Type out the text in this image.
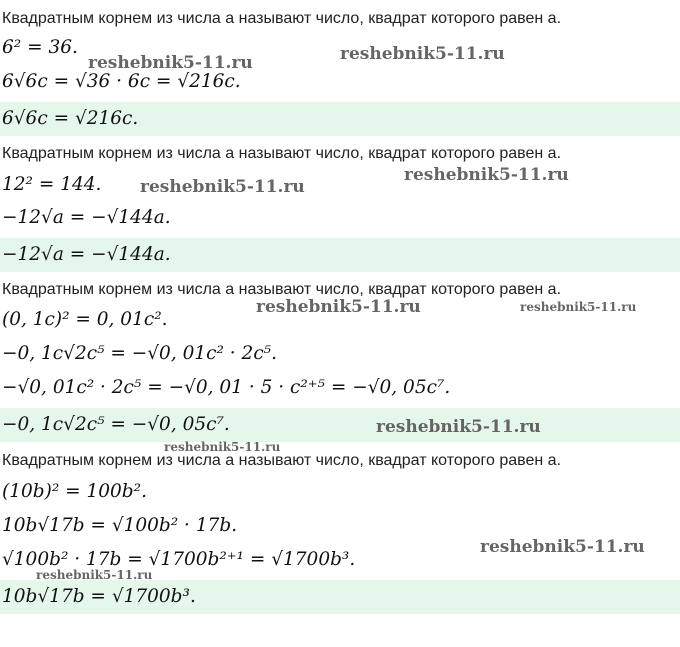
Квадратным корнем из числа a называют число, квадрат которого равен a.
6² = 36.
6√6c = √36 · 6c = √216c.
6√6c = √216c.
Квадратным корнем из числа a называют число, квадрат которого равен a.
12² = 144.
−12√a = −√144a.
−12√a = −√144a.
Квадратным корнем из числа a называют число, квадрат которого равен a.
(0, 1c)² = 0, 01c².
−0, 1c√2c⁵ = −√0, 01c² · 2c⁵.
−√0, 01c² · 2c⁵ = −√0, 01 · 5 · c²⁺⁵ = −√0, 05c⁷.
−0, 1c√2c⁵ = −√0, 05c⁷.
Квадратным корнем из числа a называют число, квадрат которого равен a.
(10b)² = 100b².
10b√17b = √100b² · 17b.
√100b² · 17b = √1700b²⁺¹ = √1700b³.
10b√17b = √1700b³.
reshebnik5-11.ru	reshebnik5-11.ru
reshebnik5-11.ru
reshebnik5-11.ru
reshebnik5-11.ru	reshebnik5-11.ru
reshebnik5-11.ru
reshebnik5-11.ru
reshebnik5-11.ru
reshebnik5-11.ru
